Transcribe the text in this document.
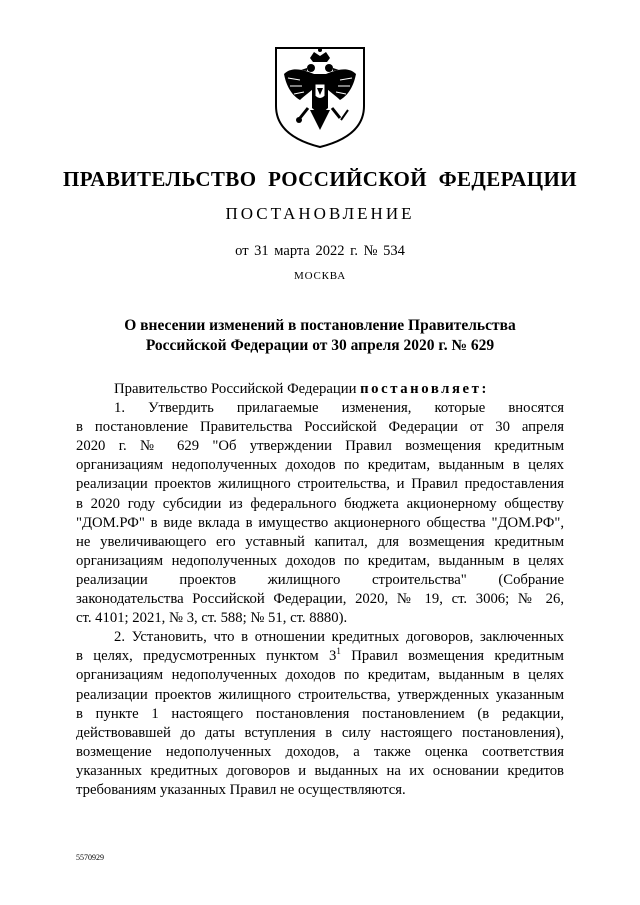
ПРАВИТЕЛЬСТВО РОССИЙСКОЙ ФЕДЕРАЦИИ
ПОСТАНОВЛЕНИЕ
от 31 марта 2022 г. № 534
МОСКВА
О внесении изменений в постановление Правительства
Российской Федерации от 30 апреля 2020 г. № 629
Правительство Российской Федерации постановляет:
1. Утвердить прилагаемые изменения, которые вносятся
в постановление Правительства Российской Федерации от 30 апреля
2020 г. № 629 "Об утверждении Правил возмещения кредитным
организациям недополученных доходов по кредитам, выданным в целях
реализации проектов жилищного строительства, и Правил предоставления
в 2020 году субсидии из федерального бюджета акционерному обществу
"ДОМ.РФ" в виде вклада в имущество акционерного общества "ДОМ.РФ",
не увеличивающего его уставный капитал, для возмещения кредитным
организациям недополученных доходов по кредитам, выданным в целях
реализации проектов жилищного строительства" (Собрание
законодательства Российской Федерации, 2020, № 19, ст. 3006; № 26,
ст. 4101; 2021, № 3, ст. 588; № 51, ст. 8880).
2. Установить, что в отношении кредитных договоров, заключенных
в целях, предусмотренных пунктом $3^1$ Правил возмещения кредитным
организациям недополученных доходов по кредитам, выданным в целях
реализации проектов жилищного строительства, утвержденных указанным
в пункте 1 настоящего постановления постановлением (в редакции,
действовавшей до даты вступления в силу настоящего постановления),
возмещение недополученных доходов, а также оценка соответствия
указанных кредитных договоров и выданных на их основании кредитов
требованиям указанных Правил не осуществляются.
5570929
